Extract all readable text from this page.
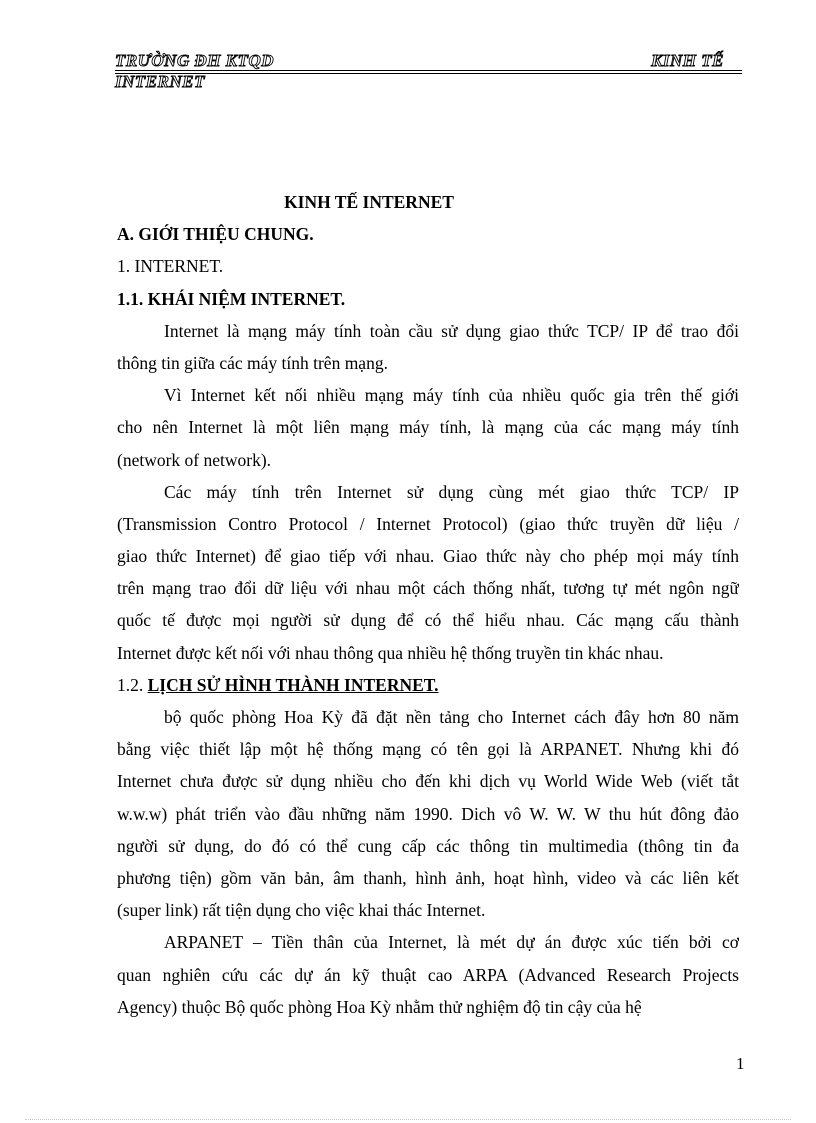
TRƯỜNG ĐH KTQD	KINH TẾ
INTERNET
KINH TẾ INTERNET
A. GIỚI THIỆU CHUNG.
1. INTERNET.
1.1. KHÁI NIỆM INTERNET.
Internet là mạng máy tính toàn cầu sử dụng giao thức TCP/ IP để trao đổi
thông tin giữa các máy tính trên mạng.
Vì Internet kết nối nhiều mạng máy tính của nhiều quốc gia trên thế giới
cho nên Internet là một liên mạng máy tính, là mạng của các mạng máy tính
(network of network).
Các máy tính trên Internet sử dụng cùng mét giao thức TCP/ IP
(Transmission Contro Protocol / Internet Protocol) (giao thức truyền dữ liệu /
giao thức Internet) để giao tiếp với nhau. Giao thức này cho phép mọi máy tính
trên mạng trao đổi dữ liệu với nhau một cách thống nhất, tương tự mét ngôn ngữ
quốc tế được mọi người sử dụng để có thể hiểu nhau. Các mạng cấu thành
Internet được kết nối với nhau thông qua nhiều hệ thống truyền tin khác nhau.
1.2. LỊCH SỬ HÌNH THÀNH INTERNET.
bộ quốc phòng Hoa Kỳ đã đặt nền tảng cho Internet cách đây hơn 80 năm
bằng việc thiết lập một hệ thống mạng có tên gọi là ARPANET. Nhưng khi đó
Internet chưa được sử dụng nhiều cho đến khi dịch vụ World Wide Web (viết tắt
w.w.w) phát triển vào đầu những năm 1990. Dich vô W. W. W thu hút đông đảo
người sử dụng, do đó có thể cung cấp các thông tin multimedia (thông tin đa
phương tiện) gồm văn bản, âm thanh, hình ảnh, hoạt hình, video và các liên kết
(super link) rất tiện dụng cho việc khai thác Internet.
ARPANET – Tiền thân của Internet, là mét dự án được xúc tiến bởi cơ
quan nghiên cứu các dự án kỹ thuật cao ARPA (Advanced Research Projects
Agency) thuộc Bộ quốc phòng Hoa Kỳ nhằm thử nghiệm độ tin cậy của hệ
1
